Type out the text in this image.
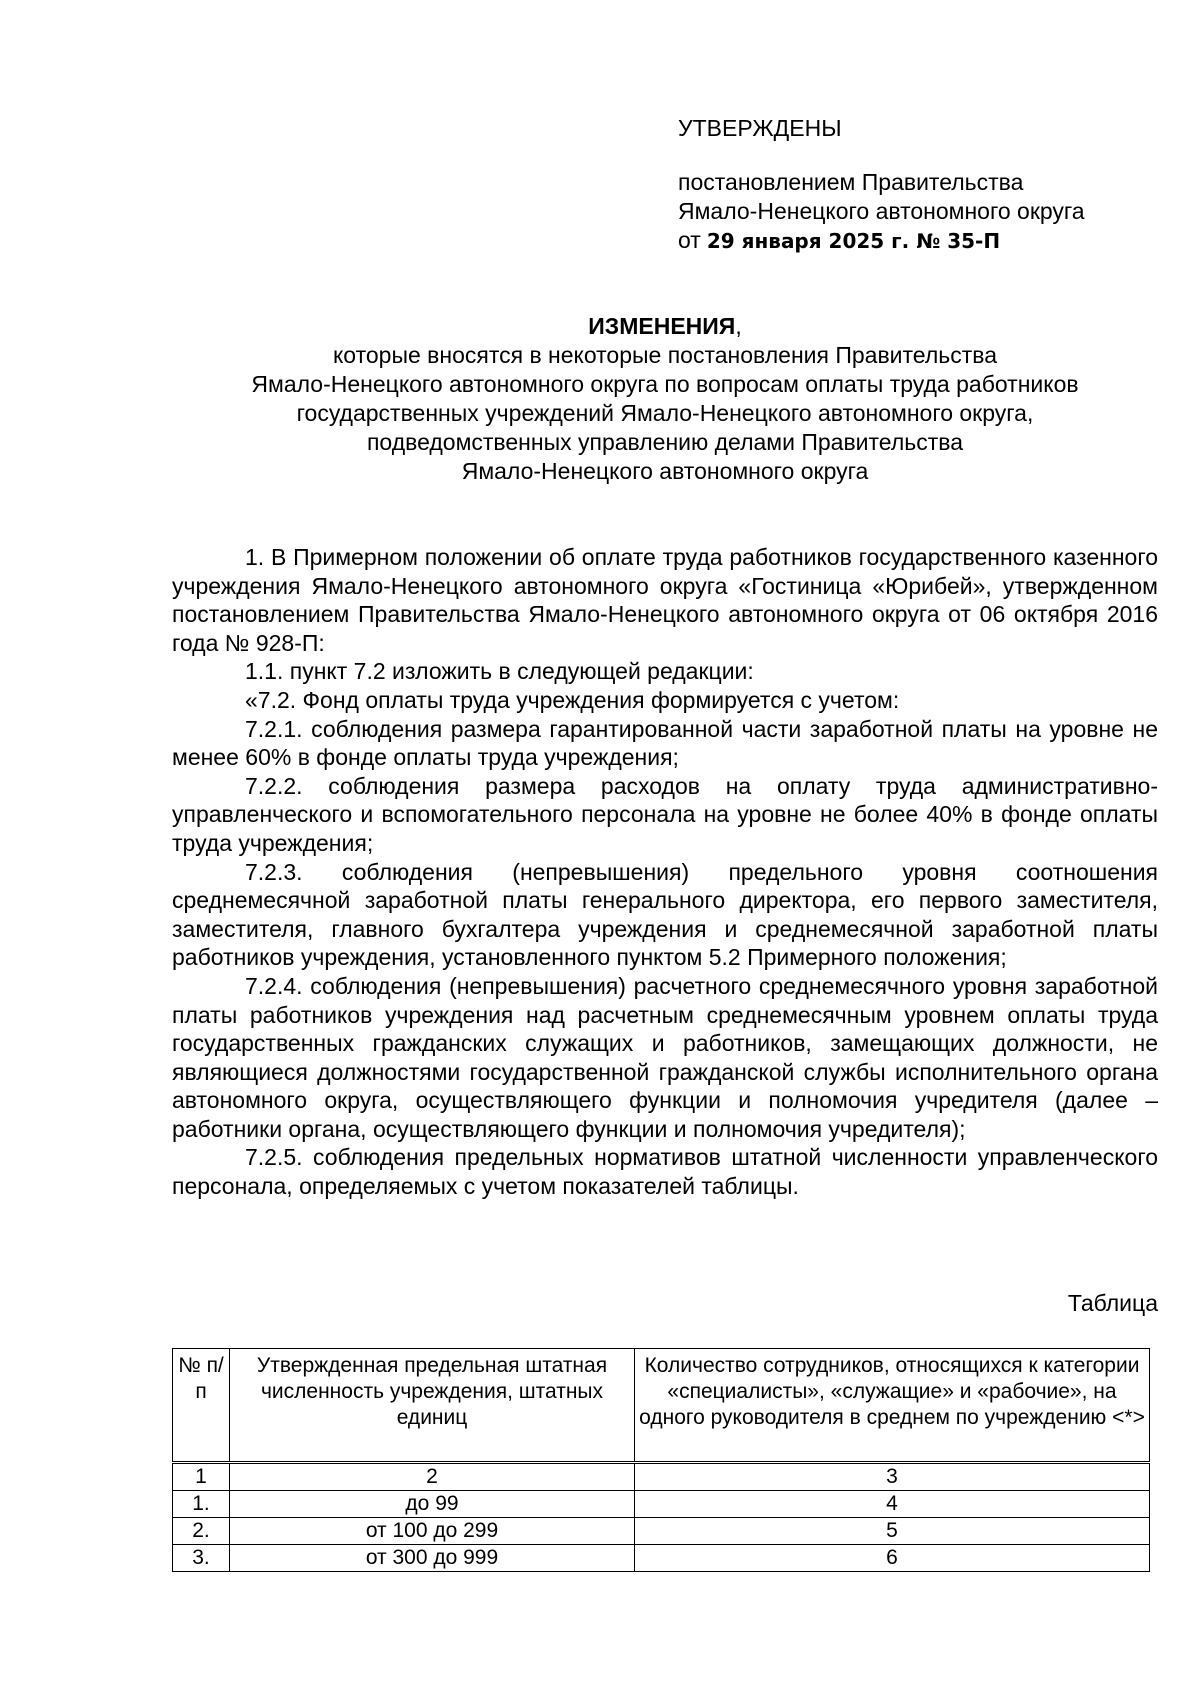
УТВЕРЖДЕНЫ

постановлением Правительства

Ямало-Ненецкого автономного округа

от 29 января 2025 г. № 35-П

ИЗМЕНЕНИЯ,

которые вносятся в некоторые постановления Правительства

Ямало-Ненецкого автономного округа по вопросам оплаты труда работников

государственных учреждений Ямало-Ненецкого автономного округа,

подведомственных управлению делами Правительства

Ямало-Ненецкого автономного округа

1. В Примерном положении об оплате труда работников государственного казенного учреждения Ямало-Ненецкого автономного округа «Гостиница «Юрибей», утвержденном постановлением Правительства Ямало-Ненецкого автономного округа от 06 октября 2016 года № 928-П:

1.1. пункт 7.2 изложить в следующей редакции:

«7.2. Фонд оплаты труда учреждения формируется с учетом:

7.2.1. соблюдения размера гарантированной части заработной платы на уровне не менее 60% в фонде оплаты труда учреждения;

7.2.2. соблюдения размера расходов на оплату труда административно-управленческого и вспомогательного персонала на уровне не более 40% в фонде оплаты труда учреждения;

7.2.3. соблюдения (непревышения) предельного уровня соотношения среднемесячной заработной платы генерального директора, его первого заместителя, заместителя, главного бухгалтера учреждения и среднемесячной заработной платы работников учреждения, установленного пунктом 5.2 Примерного положения;

7.2.4. соблюдения (непревышения) расчетного среднемесячного уровня заработной платы работников учреждения над расчетным среднемесячным уровнем оплаты труда государственных гражданских служащих и работников, замещающих должности, не являющиеся должностями государственной гражданской службы исполнительного органа автономного округа, осуществляющего функции и полномочия учредителя (далее – работники органа, осуществляющего функции и полномочия учредителя);

7.2.5. соблюдения предельных нормативов штатной численности управленческого персонала, определяемых с учетом показателей таблицы.

Таблица
№ п/п	Утвержденная предельная штатная численность учреждения, штатных единиц	Количество сотрудников, относящихся к категории «специалисты», «служащие» и «рабочие», на одного руководителя в среднем по учреждению <*>
1	2	3
1.	до 99	4
2.	от 100 до 299	5
3.	от 300 до 999	6
